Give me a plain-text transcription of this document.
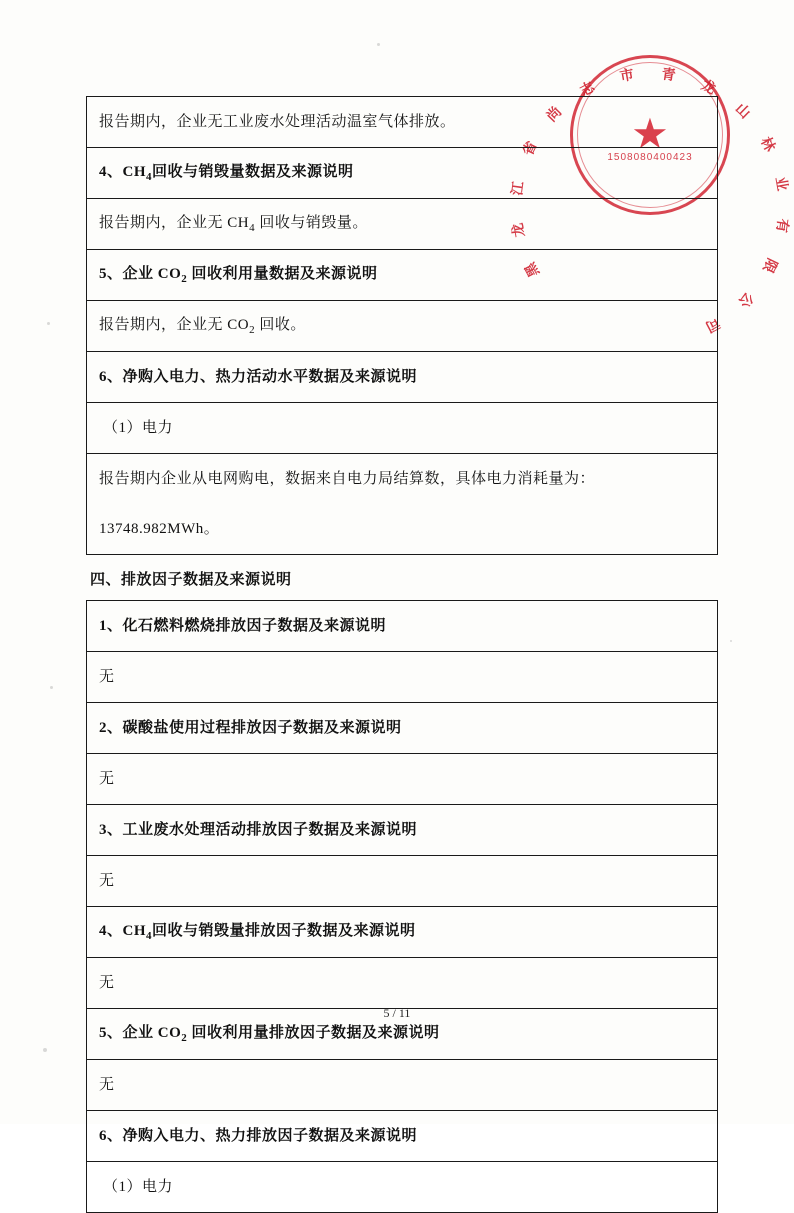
黑
龙
江
省
尚
志
市 青
龙
山
林
业
有
限
公
司
★
1508080400423
报告期内，企业无工业废水处理活动温室气体排放。
4、$CH_4$回收与销毁量数据及来源说明
报告期内，企业无 $CH_4$ 回收与销毁量。
5、企业 $CO_2$ 回收利用量数据及来源说明
报告期内，企业无 $CO_2$ 回收。
6、净购入电力、热力活动水平数据及来源说明
（1）电力
报告期内企业从电网购电，数据来自电力局结算数，具体电力消耗量为：
13748.982MWh。
四、排放因子数据及来源说明
1、化石燃料燃烧排放因子数据及来源说明
无
2、碳酸盐使用过程排放因子数据及来源说明
无
3、工业废水处理活动排放因子数据及来源说明
无
4、$CH_4$回收与销毁量排放因子数据及来源说明
无
5、企业 $CO_2$ 回收利用量排放因子数据及来源说明
无
6、净购入电力、热力排放因子数据及来源说明
（1）电力
5 / 11
